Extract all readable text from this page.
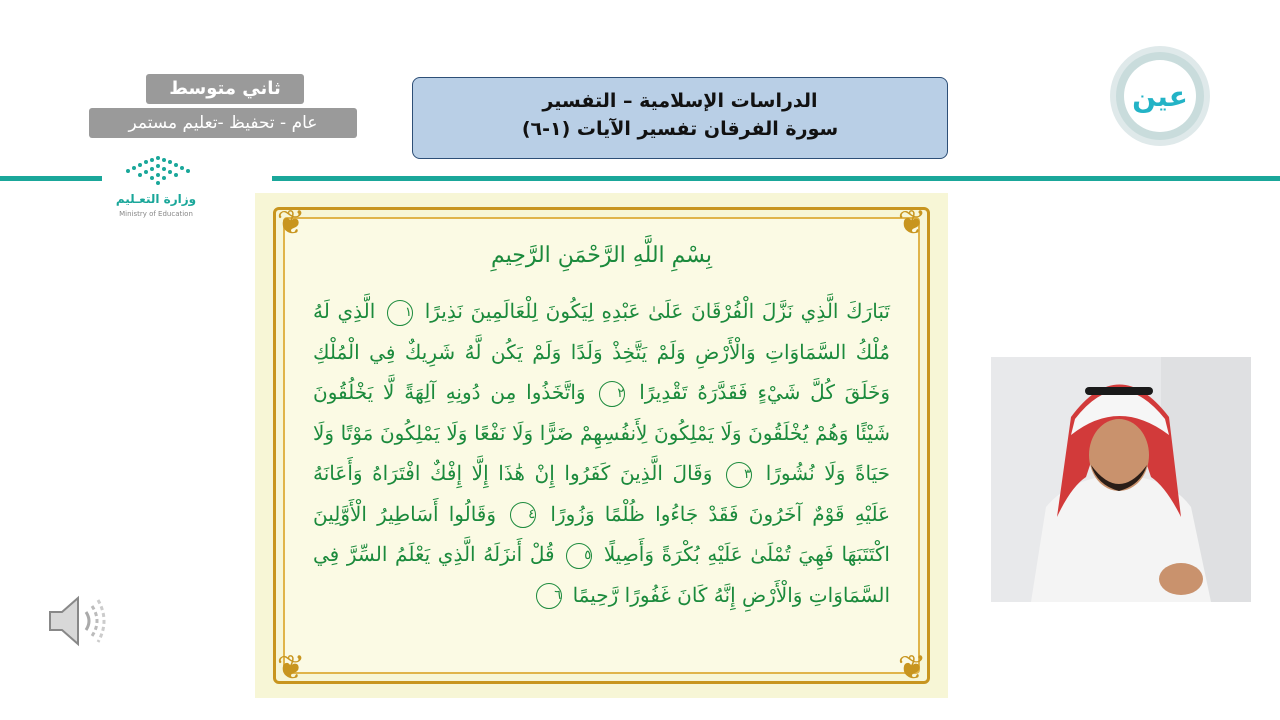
ثاني متوسط
عام - تحفيظ -تعليم مستمر
وزارة التعـليم
Ministry of Education
الدراسات الإسلامية – التفسير
سورة الفرقان تفسير الآيات (١-٦)
عين
❦	❦
❦	❦
بِسْمِ اللَّهِ الرَّحْمَنِ الرَّحِيمِ
تَبَارَكَ الَّذِي نَزَّلَ الْفُرْقَانَ عَلَىٰ عَبْدِهِ لِيَكُونَ لِلْعَالَمِينَ نَذِيرًا ١ الَّذِي لَهُ مُلْكُ السَّمَاوَاتِ وَالْأَرْضِ وَلَمْ يَتَّخِذْ وَلَدًا وَلَمْ يَكُن لَّهُ شَرِيكٌ فِي الْمُلْكِ وَخَلَقَ كُلَّ شَيْءٍ فَقَدَّرَهُ تَقْدِيرًا ٢ وَاتَّخَذُوا مِن دُونِهِ آلِهَةً لَّا يَخْلُقُونَ شَيْئًا وَهُمْ يُخْلَقُونَ وَلَا يَمْلِكُونَ لِأَنفُسِهِمْ ضَرًّا وَلَا نَفْعًا وَلَا يَمْلِكُونَ مَوْتًا وَلَا حَيَاةً وَلَا نُشُورًا ٣ وَقَالَ الَّذِينَ كَفَرُوا إِنْ هَٰذَا إِلَّا إِفْكٌ افْتَرَاهُ وَأَعَانَهُ عَلَيْهِ قَوْمٌ آخَرُونَ فَقَدْ جَاءُوا ظُلْمًا وَزُورًا ٤ وَقَالُوا أَسَاطِيرُ الْأَوَّلِينَ اكْتَتَبَهَا فَهِيَ تُمْلَىٰ عَلَيْهِ بُكْرَةً وَأَصِيلًا ٥ قُلْ أَنزَلَهُ الَّذِي يَعْلَمُ السِّرَّ فِي السَّمَاوَاتِ وَالْأَرْضِ إِنَّهُ كَانَ غَفُورًا رَّحِيمًا ٦
